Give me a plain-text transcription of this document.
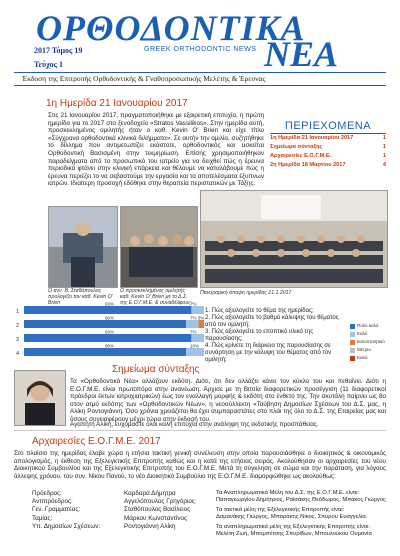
ΟΡΘΟΔΟΝΤΙΚΑ
ΝΕΑ
2017 Τόμος 19	GREEK ORTHODONTIC NEWS
Τεύχος 1
Έκδοση της Επιτροπής Ορθοδοντικής & Γναθοπροσωπικής Μελέτης & Έρευνας
1η Ημερίδα 21 Ιανουαρίου 2017

Στις 21 Ιανουαρίου 2017, πραγματοποιήθηκε με εξαιρετική επιτυχία, η πρώτη ημερίδα για το 2017 στο ξενοδοχείο «Stratos Vassilikos». Στην ημερίδα αυτή, προσκεκλημένος ομιλητής ήταν ο καθ. Kevin O' Brien και είχε τίτλο «Σύγχρονα ορθοδοντικά κλινικά διλήμματα». Σε αυτήν την ομιλία, συζητήθηκε το δίλλημα που αντιμετωπίζει εκάστοτε, ορθοδοντικός και ασκείται Ορθοδοντική Βασισμένη στην τεκμηρίωση. Επίσης χρησιμοποιήθηκαν παραδείγματα από το προσωπικό του ιατρείο για να δειχθεί πώς η έρευνα περιοδικά φτάνει στην κλινική επάρκεια και θέλουμε να καταλάβουμε πώς η έρευνα περιέζει το να σεβαστούμε την εργασία και τα αποτελέσματα έξυπνων ιατρών. Ιδιαίτερη προσοχή εδόθηκε στην θεραπεία περιστατικών με Τάξης.

ΠΕΡΙΕΧΟΜΕΝΑ
1η Ημερίδα 21 Ιανουαρίου 2017	1
Σημείωμα σύνταξης	1
Αρχαιρεσίες Ε.Ο.Γ.Μ.Ε.	1
2η Ημερίδα 18 Μαρτίου 2017	4
Ο ανν. Β. Σταθόπουλος προλογίζει τον καθ. Kevin O' Brien
Ο προσκεκλημένος ομιλητής καθ. Kevin O' Brien με το Δ.Σ. της Ε.Ο.Γ.Μ.Ε. & συναδέλφους
Πανοραμική άποψη ημερίδας 21.1.2017
1
93%	7%
2
90%	7% 3%
3
93%	7%
4
90%	10%
1. Πώς αξιολογείτε το θέμα της ημερίδας;
2. Πώς αξιολογείτε το βαθμό κάλυψης του θέματος από τον ομιλητή;
3. Πώς αξιολογείτε το εποπτικό υλικό της παρουσίασης;
4. Πώς κρίνετε τη διάρκεια της παρουσίασης σε συνάρτηση με την κάλυψη του θέματος από τον ομιλητή;
Πολύ καλό
Καλό
Ικανοποιητικό
Μέτριο
Κακό
Σημείωμα σύνταξης

Τα «Ορθοδοντικά Νέα» αλλάζουν εκδότη. Διότι, ότι δεν αλλάζει κάνει τον κύκλο του και πεθαίνει. Διότι η Ε.Ο.Γ.Μ.Ε. είναι πρωτοπόρα στην ανανέωση. Άρχισε με τη Βιτσία διαφορετικών προσέγγιση (11 διαφορετικοί πρόεδροι έκτων ιατροχιατρικών) έως τον εναλλαγή μορφής & εκδότη στο ένθετο της. Την σκυτάλη παίρνει ως 8ο στον ατμό εκδότης των «Ορθοδοντικών Νέων», η νεοσύλλεκτη «Ταύβηση Δημοσίων Σχέσεων του Δ.Σ. μας, η Αλίκη Ροντογιάννη. Όσο χρόνια χρειάζεται θα έχει συμπαραστάτες στο πλάι της όλο το Δ.Σ. της Εταιρείας μας και όσους συνεισφέρουν μέχρι τώρα στην έκδοσή του.

Αγαπητή Αλίκη, ευχόμαστε όλοι καλή επιτυχία στην ανάληψη της εκδοτικής προσπάθειας.

Αρχαιρεσίες Ε.Ο.Γ.Μ.Ε. 2017

Στο πλαίσιο της ημερίδας έλαβε χώρα η ετήσια τακτική γενική συνέλευση στην οποία παρουσιάσθηκε ο διοικητικός & οικονομικός απολογισμός, η έκθεση της Εξελεγκτικής Επιτροπής καθώς και η κατά της ετήσιας σειράς. Ακολούθησαν οι αρχαιρεσίες του νέου Διοικητικού Συμβουλίου και της Εξελεγκτικής Επιτροπής του Ε.Ο.Γ.Μ.Ε. Μετά τη σύγκληση σε σώμα και την παράταση, για λόγους άλλεψης χρόνου, του συν. Νίκου Πανού, το νέο Διοικητικό Συμβούλιο της Ε.Ο.Γ.Μ.Ε. διαμορφώθηκε ως ακολούθως:

Πρόεδρος:	Καρδαρά Δήμητρα
Αντιπρόεδρος:	Αγγελόπουλος Γρηγόριος
Γεν. Γραμματέας:	Σταθόπουλος Βασίλειος
Ταμίας:	Μάρκου Κωνσταντίνος
Υπ. Δημοσίων Σχέσεων:	Ροντογιάννη Αλίκη
Τα Αναπληρωματικά Μέλη του Δ.Σ. της Ε.Ο.Γ.Μ.Ε. είναι:
Παπαγεωργίου Δημήτριος, Ραϊσάκης Θεόδωρος, Μπάκος Γιώργος
Τα τακτικά μέλη της Εξελεγκτικής Επιτροπής είναι:
Δαμανάκης Γιώργος, Μπαράκης Νίκος, Σπύρου Ευαγγελία.
Τα αναπληρωματικά μέλη της Εξελεγκτικής Επιτροπής είναι:
Μελέτη Ζωή, Μπομπέτσης Σπυρίδων, Μπουλούκου Ουρανία
